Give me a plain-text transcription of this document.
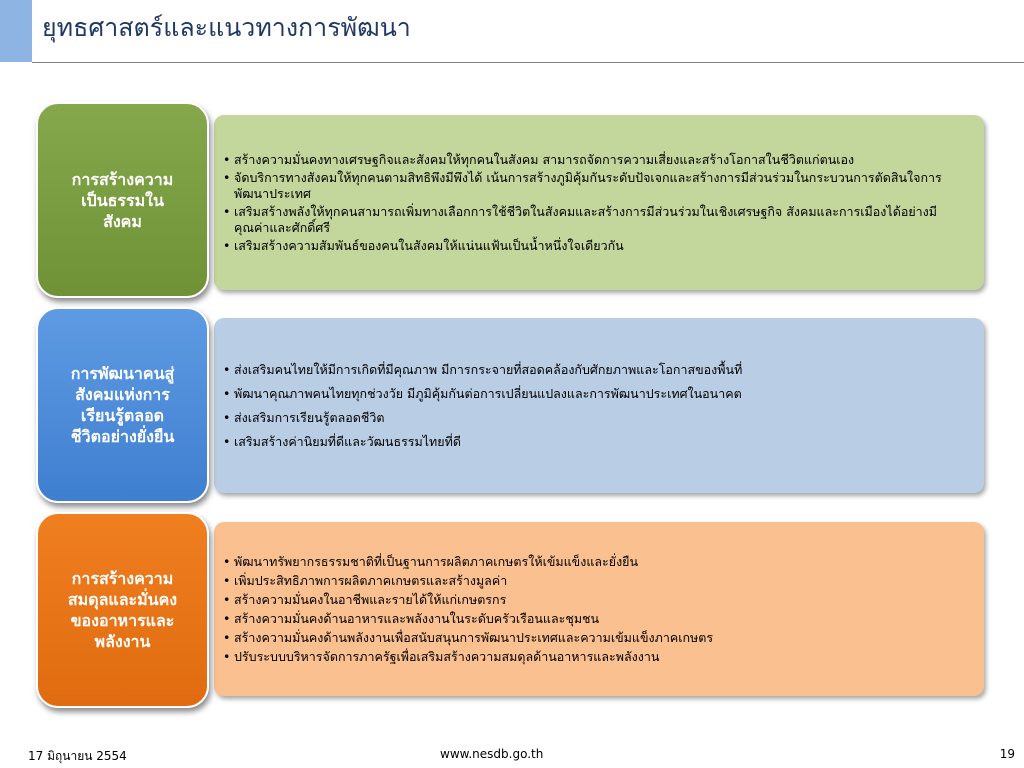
ยุทธศาสตร์และแนวทางการพัฒนา
• สร้างความมั่นคงทางเศรษฐกิจและสังคมให้ทุกคนในสังคม สามารถจัดการความเสี่ยงและสร้างโอกาสในชีวิตแก่ตนเอง
• จัดบริการทางสังคมให้ทุกคนตามสิทธิพึงมีพึงได้ เน้นการสร้างภูมิคุ้มกันระดับปัจเจกและสร้างการมีส่วนร่วมในกระบวนการตัดสินใจการพัฒนาประเทศ
• เสริมสร้างพลังให้ทุกคนสามารถเพิ่มทางเลือกการใช้ชีวิตในสังคมและสร้างการมีส่วนร่วมในเชิงเศรษฐกิจ สังคมและการเมืองได้อย่างมีคุณค่าและศักดิ์ศรี
• เสริมสร้างความสัมพันธ์ของคนในสังคมให้แน่นแฟ้นเป็นน้ำหนึ่งใจเดียวกัน
การสร้างความ
เป็นธรรมใน
สังคม
• ส่งเสริมคนไทยให้มีการเกิดที่มีคุณภาพ มีการกระจายที่สอดคล้องกับศักยภาพและโอกาสของพื้นที่
• พัฒนาคุณภาพคนไทยทุกช่วงวัย มีภูมิคุ้มกันต่อการเปลี่ยนแปลงและการพัฒนาประเทศในอนาคต
• ส่งเสริมการเรียนรู้ตลอดชีวิต
• เสริมสร้างค่านิยมที่ดีและวัฒนธรรมไทยที่ดี
การพัฒนาคนสู่
สังคมแห่งการ
เรียนรู้ตลอด
ชีวิตอย่างยั่งยืน
• พัฒนาทรัพยากรธรรมชาติที่เป็นฐานการผลิตภาคเกษตรให้เข้มแข็งและยั่งยืน
• เพิ่มประสิทธิภาพการผลิตภาคเกษตรและสร้างมูลค่า
• สร้างความมั่นคงในอาชีพและรายได้ให้แก่เกษตรกร
• สร้างความมั่นคงด้านอาหารและพลังงานในระดับครัวเรือนและชุมชน
• สร้างความมั่นคงด้านพลังงานเพื่อสนับสนุนการพัฒนาประเทศและความเข้มแข็งภาคเกษตร
• ปรับระบบบริหารจัดการภาครัฐเพื่อเสริมสร้างความสมดุลด้านอาหารและพลังงาน
การสร้างความ
สมดุลและมั่นคง
ของอาหารและ
พลังงาน
17 มิถุนายน 2554	www.nesdb.go.th	19
